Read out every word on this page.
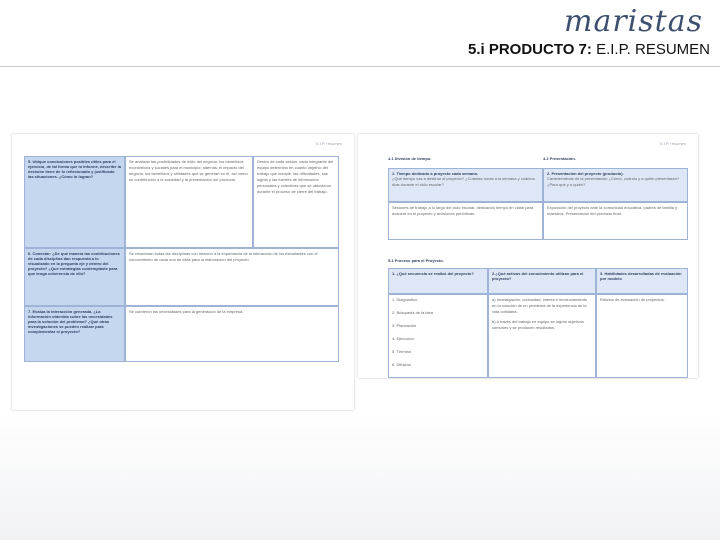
maristas
5.i PRODUCTO 7: E.I.P. RESUMEN
E.I.P. resumen
5. Ubique conclusiones posibles útiles para el ejercicio, de tal forma que lo informe, describe la decisión tiene de lo reflexionado y justificado las situaciones. ¿Cómo lo logran?
Se analizan las posibilidades de éxito del negocio, los beneficios económicos y sociales para el municipio; además, el impacto del negocio, los beneficios y utilidades que se generan en él, así como su contribución a la sociedad y la presentación del producto.
Dentro de cada sesión, cada integrante del equipo determinó en cuanto objetivo del trabajo que cumple, las dificultades, sus logros y las fuentes de información personales y colectivas que se obtuvieron durante el proceso de cierre del trabajo.
6. Conectar: ¿De qué manera las contribuciones de cada disciplina dan respuesta a lo visualizado en la pregunta eje y dentro del proyecto? ¿Qué estrategias contemplaste para que tenga coherencia de ello?
Se relacionan todas las disciplinas con relación a la importancia de la interacción de los estudiantes con el conocimiento de cada una de ellas para la elaboración del proyecto.
7. Evalúa la interacción generada. ¿La información obtenida cubre las necesidades para la solución del problema? ¿Qué otras investigaciones se pueden realizar para complementar el proyecto?
Se cubrieron las necesidades para la generación de la empresa.
E.I.P. resumen
4.1 División de tiempo.	4.2 Presentación.
1. Tiempo dedicado a proyecto cada semana.
¿Qué tiempo vas a destinar al proyecto? ¿Cuántas horas a la semana y cuántos días durante el ciclo escolar?
2. Presentación del proyecto (producto).
Características de la presentación ¿Cómo, cuándo y a quién presentarán? ¿Para qué y a quién?
Sesiones de trabajo a lo largo del ciclo escolar, dedicando tiempo en clase para avanzar en el proyecto y revisiones periódicas.
Exposición del proyecto ante la comunidad educativa, padres de familia y maestros. Presentación del producto final.
5.1 Proceso para el Proyecto.
1. ¿Qué secuencia se realizó del proyecto?	2.¿Qué activos del conocimiento utilizan para el proyecto?
3. Habilidades desarrolladas de evaluación por modelo
1. Diagnóstico
2. Búsqueda de la idea
3. Planeación
4. Ejecución
5. Término
6. Difusión
a) Investigación, curiosidad, interés e involucramiento en la solución de un problema de la experiencia de la vida cotidiana.
b) A través del trabajo en equipo se logran objetivos comunes y se producen resultados.
Rúbrica de evaluación de proyectos.
